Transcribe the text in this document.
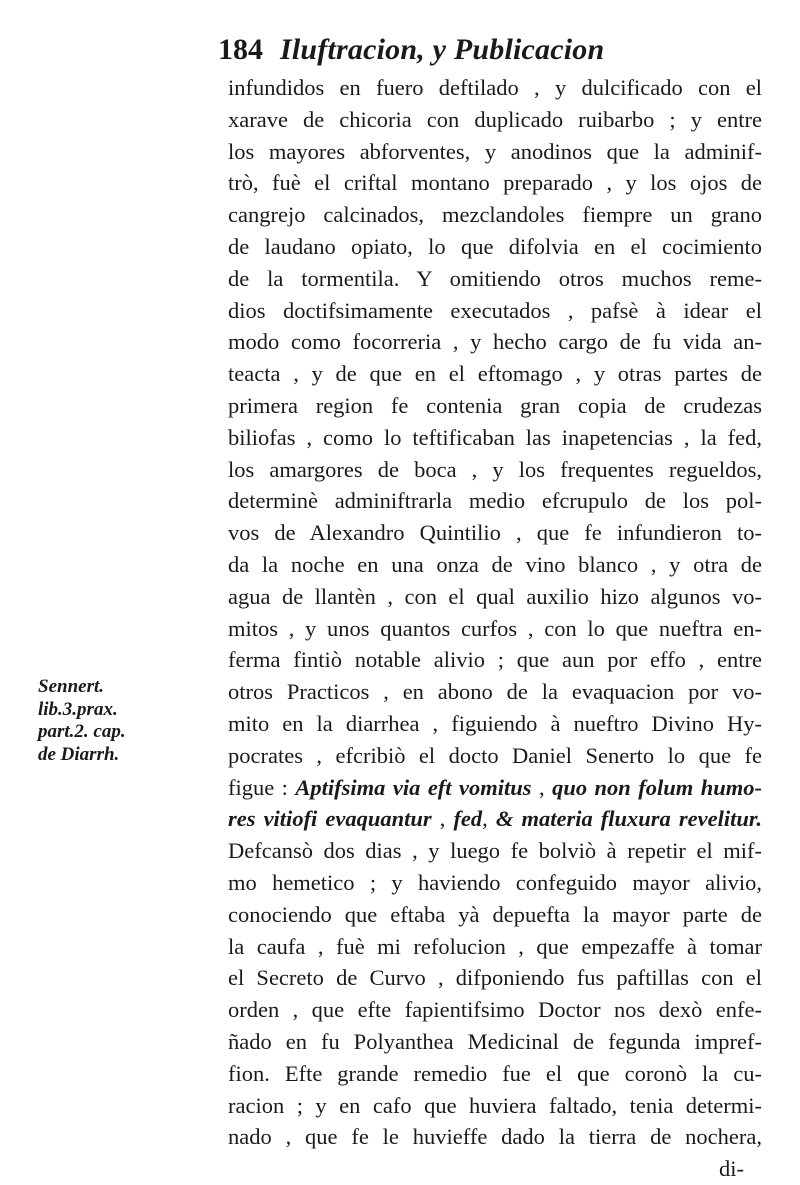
184 Iluftracion, y Publicacion
infundidos en fuero deftilado , y dulcificado con el
xarave de chicoria con duplicado ruibarbo ; y entre
los mayores abforventes, y anodinos que la adminif-
trò, fuè el criftal montano preparado , y los ojos de
cangrejo calcinados, mezclandoles fiempre un grano
de laudano opiato, lo que difolvia en el cocimiento
de la tormentila. Y omitiendo otros muchos reme-
dios doctifsimamente executados , pafsè à idear el
modo como focorreria , y hecho cargo de fu vida an-
teacta , y de que en el eftomago , y otras partes de
primera region fe contenia gran copia de crudezas
biliofas , como lo teftificaban las inapetencias , la fed,
los amargores de boca , y los frequentes regueldos,
determinè adminiftrarla medio efcrupulo de los pol-
vos de Alexandro Quintilio , que fe infundieron to-
da la noche en una onza de vino blanco , y otra de
agua de llantèn , con el qual auxilio hizo algunos vo-
mitos , y unos quantos curfos , con lo que nueftra en-
ferma fintiò notable alivio ; que aun por effo , entre
otros Practicos , en abono de la evaquacion por vo-
mito en la diarrhea , figuiendo à nueftro Divino Hy-
pocrates , efcribiò el docto Daniel Senerto lo que fe
figue : Aptifsima via eft vomitus , quo non folum humo-
res vitiofi evaquantur , fed, & materia fluxura revelitur.
Defcansò dos dias , y luego fe bolviò à repetir el mif-
mo hemetico ; y haviendo confeguido mayor alivio,
conociendo que eftaba yà depuefta la mayor parte de
la caufa , fuè mi refolucion , que empezaffe à tomar
el Secreto de Curvo , difponiendo fus paftillas con el
orden , que efte fapientifsimo Doctor nos dexò enfe-
ñado en fu Polyanthea Medicinal de fegunda impref-
fion. Efte grande remedio fue el que coronò la cu-
racion ; y en cafo que huviera faltado, tenia determi-
nado , que fe le huvieffe dado la tierra de nochera,
di-
Sennert.
lib.3.prax.
part.2. cap.
de Diarrh.
